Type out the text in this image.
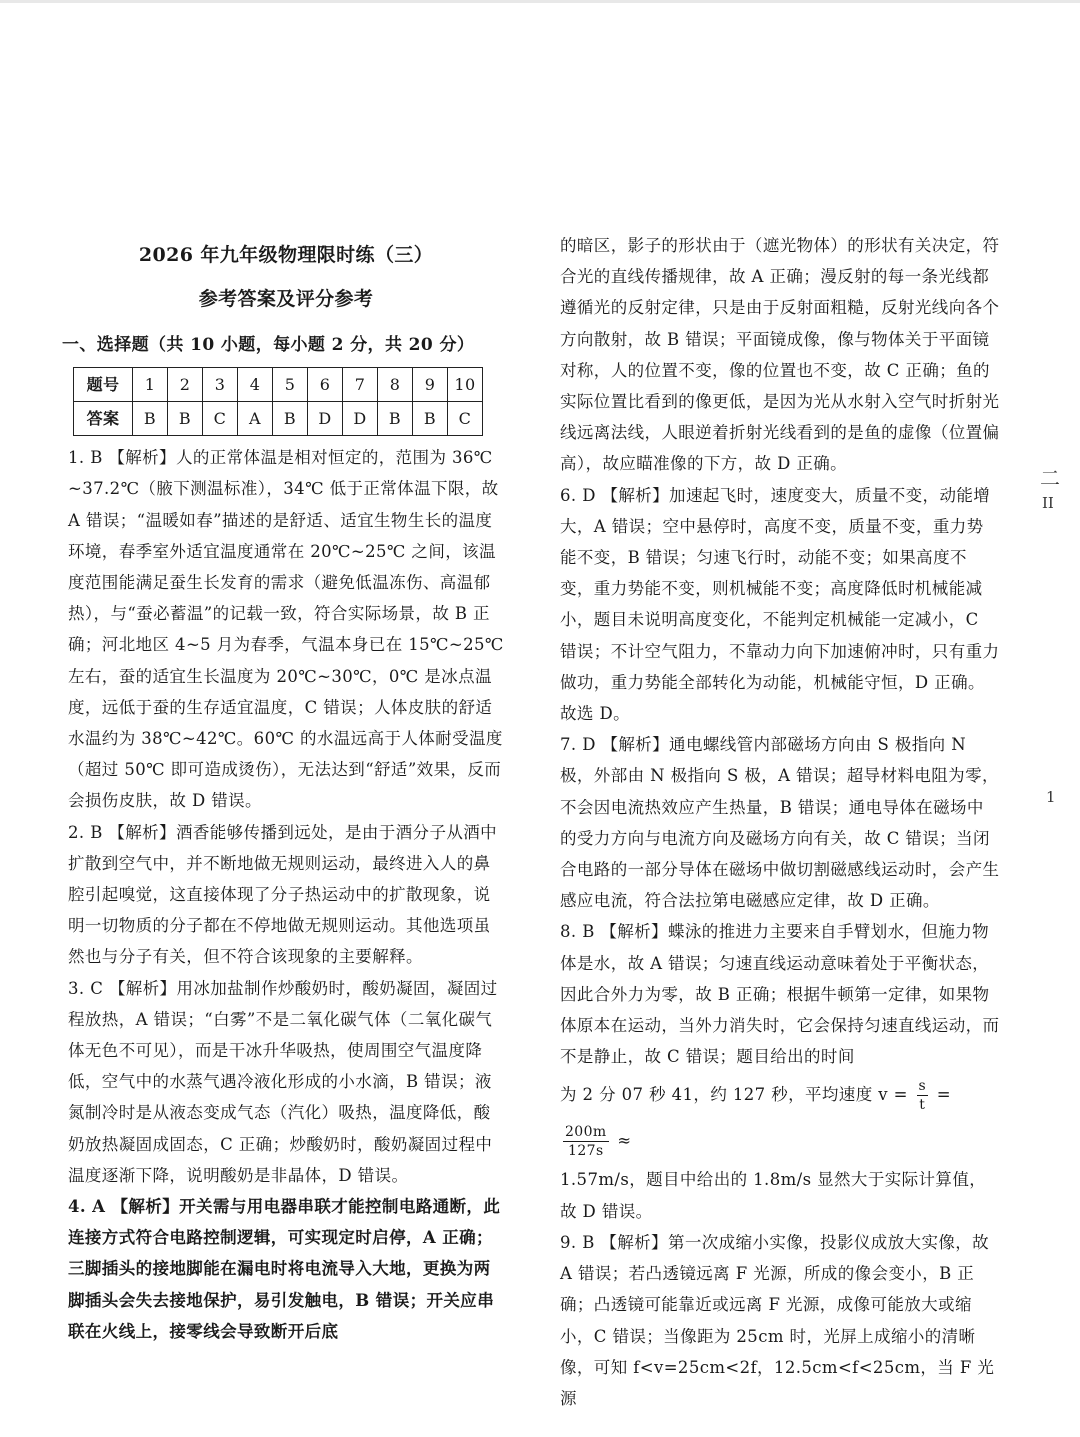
2026 年九年级物理限时练（三）
参考答案及评分参考
一、选择题（共 10 小题，每小题 2 分，共 20 分）
题号	1	2	3	4	5	6	7	8	9	10
答案	B	B	C	A	B	D	D	B	B	C
1. B 【解析】人的正常体温是相对恒定的，范围为 36℃ ~37.2℃（腋下测温标准），34℃ 低于正常体温下限，故 A 错误；“温暖如春”描述的是舒适、适宜生物生长的温度环境，春季室外适宜温度通常在 20℃~25℃ 之间，该温度范围能满足蚕生长发育的需求（避免低温冻伤、高温郁热），与“蚕必蓄温”的记载一致，符合实际场景，故 B 正确；河北地区 4~5 月为春季，气温本身已在 15℃~25℃ 左右，蚕的适宜生长温度为 20℃~30℃，0℃ 是冰点温度，远低于蚕的生存适宜温度，C 错误；人体皮肤的舒适水温约为 38℃~42℃。60℃ 的水温远高于人体耐受温度（超过 50℃ 即可造成烫伤），无法达到“舒适”效果，反而会损伤皮肤，故 D 错误。
2. B 【解析】酒香能够传播到远处，是由于酒分子从酒中扩散到空气中，并不断地做无规则运动，最终进入人的鼻腔引起嗅觉，这直接体现了分子热运动中的扩散现象，说明一切物质的分子都在不停地做无规则运动。其他选项虽然也与分子有关，但不符合该现象的主要解释。
3. C 【解析】用冰加盐制作炒酸奶时，酸奶凝固，凝固过程放热，A 错误；“白雾”不是二氧化碳气体（二氧化碳气体无色不可见），而是干冰升华吸热，使周围空气温度降低，空气中的水蒸气遇冷液化形成的小水滴，B 错误；液氮制冷时是从液态变成气态（汽化）吸热，温度降低，酸奶放热凝固成固态，C 正确；炒酸奶时，酸奶凝固过程中温度逐渐下降，说明酸奶是非晶体，D 错误。
4. A 【解析】开关需与用电器串联才能控制电路通断，此连接方式符合电路控制逻辑，可实现定时启停，A 正确；三脚插头的接地脚能在漏电时将电流导入大地，更换为两脚插头会失去接地保护，易引发触电，B 错误；开关应串联在火线上，接零线会导致断开后底
的暗区，影子的形状由于（遮光物体）的形状有关决定，符合光的直线传播规律，故 A 正确；漫反射的每一条光线都遵循光的反射定律，只是由于反射面粗糙，反射光线向各个方向散射，故 B 错误；平面镜成像，像与物体关于平面镜对称，人的位置不变，像的位置也不变，故 C 正确；鱼的实际位置比看到的像更低，是因为光从水射入空气时折射光线远离法线，人眼逆着折射光线看到的是鱼的虚像（位置偏高），故应瞄准像的下方，故 D 正确。
6. D 【解析】加速起飞时，速度变大，质量不变，动能增大，A 错误；空中悬停时，高度不变，质量不变，重力势能不变，B 错误；匀速飞行时，动能不变；如果高度不变，重力势能不变，则机械能不变；高度降低时机械能减小，题目未说明高度变化，不能判定机械能一定减小，C 错误；不计空气阻力，不靠动力向下加速俯冲时，只有重力做功，重力势能全部转化为动能，机械能守恒，D 正确。故选 D。
7. D 【解析】通电螺线管内部磁场方向由 S 极指向 N 极，外部由 N 极指向 S 极，A 错误；超导材料电阻为零，不会因电流热效应产生热量，B 错误；通电导体在磁场中的受力方向与电流方向及磁场方向有关，故 C 错误；当闭合电路的一部分导体在磁场中做切割磁感线运动时，会产生感应电流，符合法拉第电磁感应定律，故 D 正确。
8. B 【解析】蝶泳的推进力主要来自手臂划水，但施力物体是水，故 A 错误；匀速直线运动意味着处于平衡状态，因此合外力为零，故 B 正确；根据牛顿第一定律，如果物体原本在运动，当外力消失时，它会保持匀速直线运动，而不是静止，故 C 错误；题目给出的时间
为 2 分 07 秒 41，约 127 秒，平均速度 $v = \frac{s}{t}$ =
$\frac{200m}{127s}$ ≈
1.57m/s，题目中给出的 1.8m/s 显然大于实际计算值，故 D 错误。
9. B 【解析】第一次成缩小实像，投影仪成放大实像，故 A 错误；若凸透镜远离 F 光源，所成的像会变小，B 正确；凸透镜可能靠近或远离 F 光源，成像可能放大或缩小，C 错误；当像距为 25cm 时，光屏上成缩小的清晰像，可知 f<v=25cm<2f，12.5cm<f<25cm，当 F 光源
二
II
1
